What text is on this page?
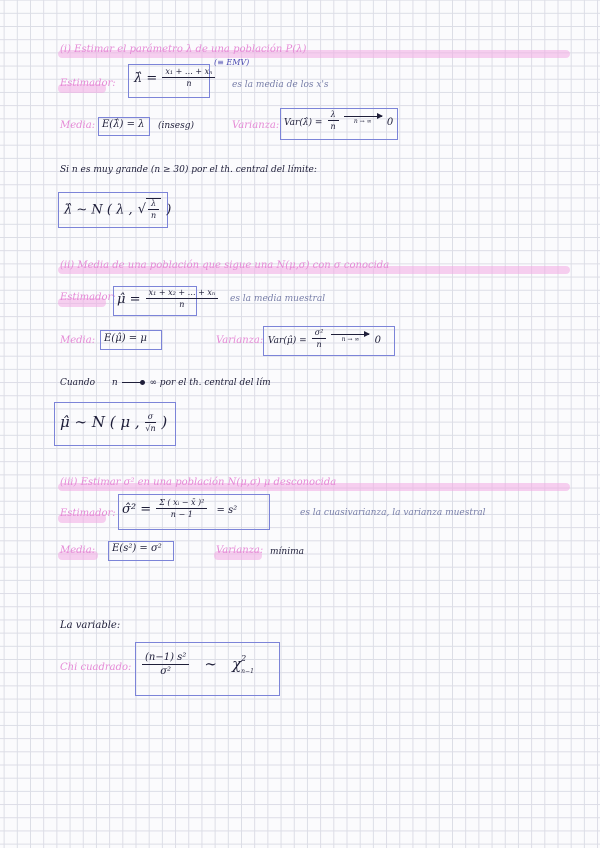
(i) Estimar el parámetro λ de una población P(λ)
Estimador: λ̂ = $\frac{\text{x₁ + … + xₙ}}{n}$
(≡ EMV)
es la media de los x's
Media: E(λ̂) = λ (insesg)	Varianza: Var(λ̂) = $\frac{\lambda}{n}$
	n → ∞	0
Si n es muy grande (n ≥ 30) por el th. central del límite:
λ̂ ∼ N ( λ , √ $\frac{\lambda}{n}$ )
(ii) Media de una población que sigue una N(μ,σ) con σ conocida
Estimador: μ̂ = $\frac{\text{x₁ + x₂ + … + xₙ}}{n}$ es la media muestral
Media: E(μ̂) = μ	Varianza: Var(μ̂) = $\frac{\text{σ²}}{n}$
	n → ∞	0
Cuando n	∞ por el th. central del lím
μ̂ ∼ N ( μ , $\frac{\sigma}{√n}$ )
(iii) Estimar σ² en una población N(μ,σ) μ desconocida
Estimador: σ̂² = $\frac{\text{Σ ( xᵢ − x̄ )²}}{n - 1} = s^2$	es la cuasivarianza, la varianza muestral
Media: E(s²) = σ²	Varianza: mínima
La variable:
Chi cuadrado: $\frac{\text{(n−1) s²}}{\text{σ²}}$ ∼ χ 2
n−1
